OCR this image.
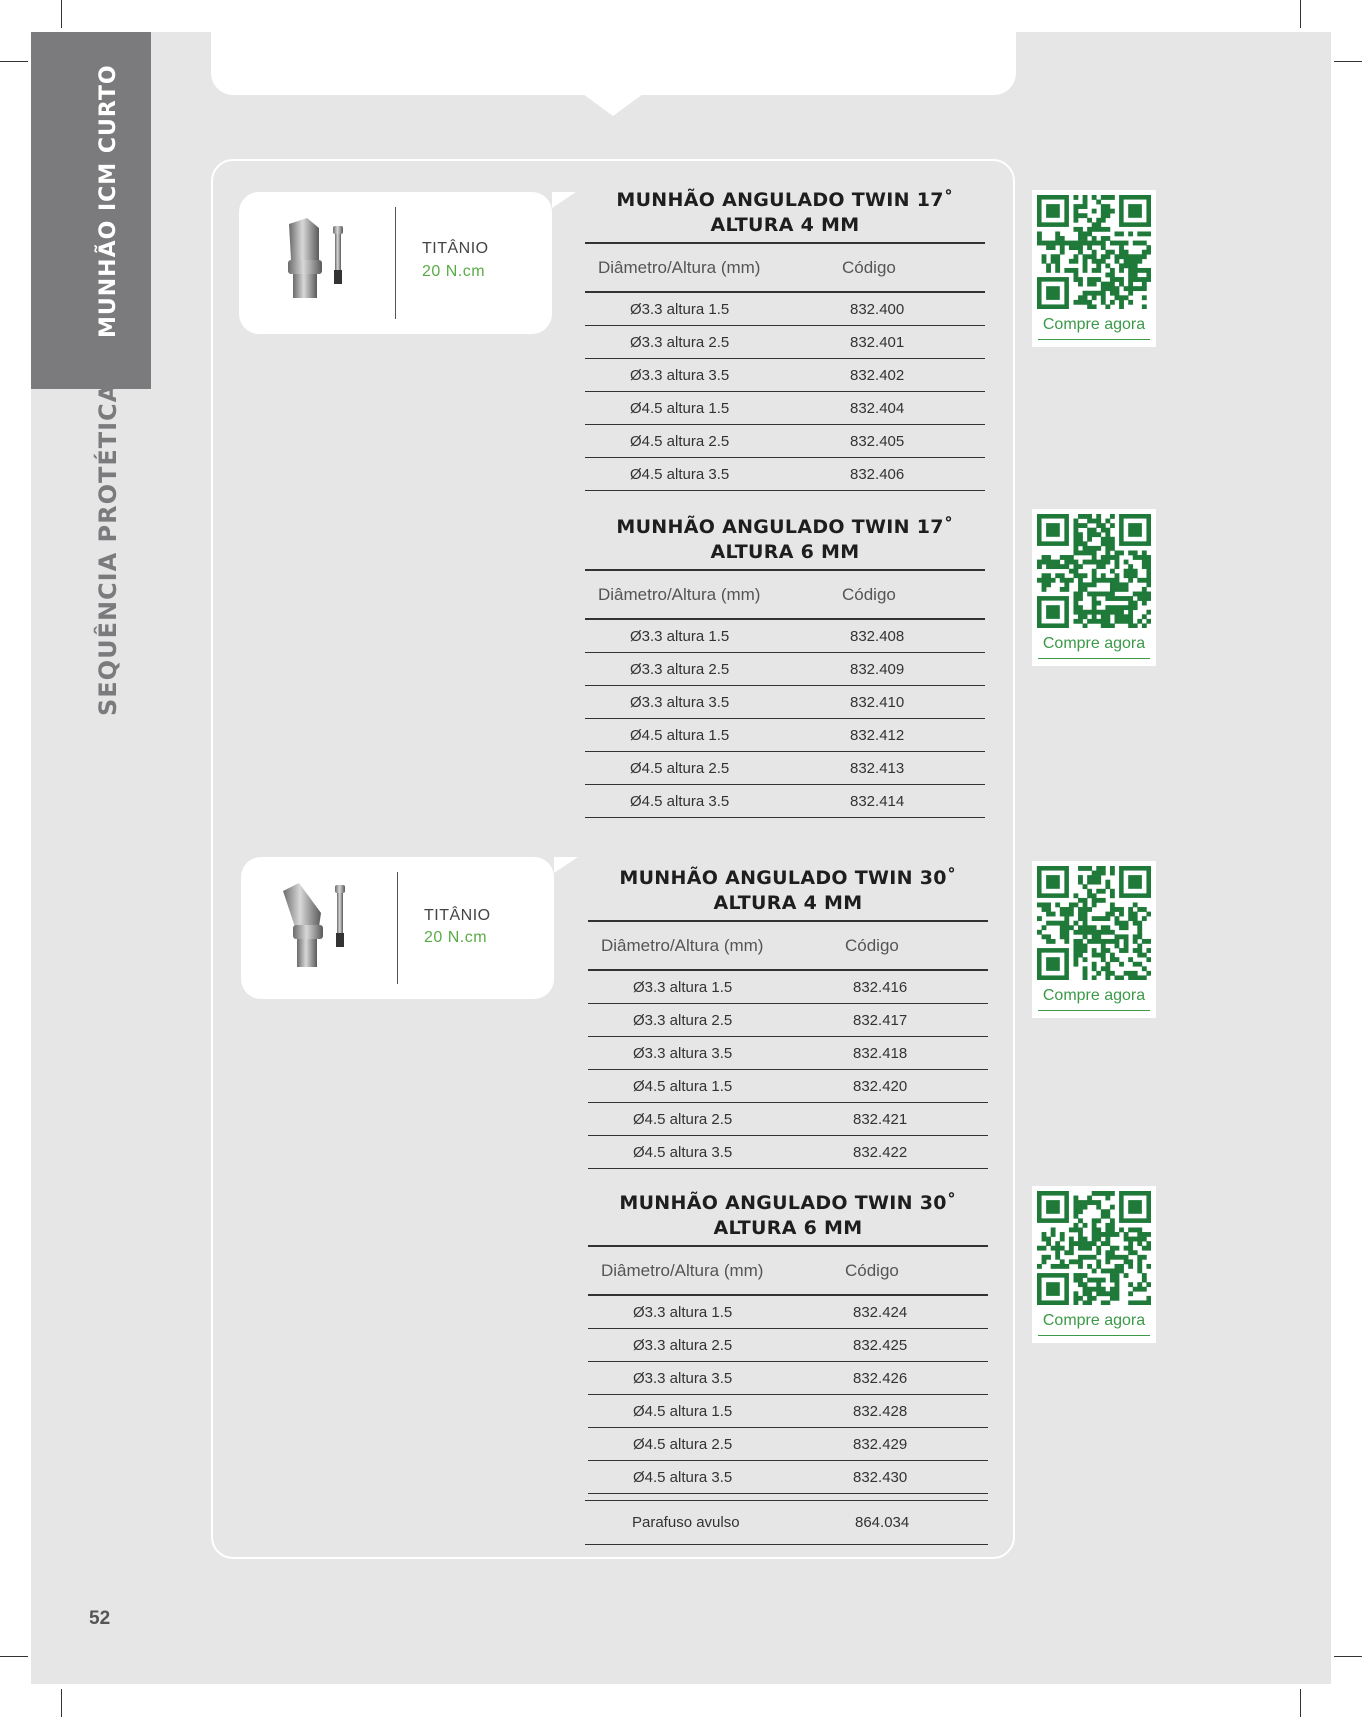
MUNHÃO ICM CURTO
SEQUÊNCIA PROTÉTICA
TITÂNIO
20 N.cm
TITÂNIO
20 N.cm
MUNHÃO ANGULADO TWIN 17˚
ALTURA 4 MM
Diâmetro/Altura (mm)	Código
Ø3.3 altura 1.5	832.400
Ø3.3 altura 2.5	832.401
Ø3.3 altura 3.5	832.402
Ø4.5 altura 1.5	832.404
Ø4.5 altura 2.5	832.405
Ø4.5 altura 3.5	832.406
MUNHÃO ANGULADO TWIN 17˚
ALTURA 6 MM
Diâmetro/Altura (mm)	Código
Ø3.3 altura 1.5	832.408
Ø3.3 altura 2.5	832.409
Ø3.3 altura 3.5	832.410
Ø4.5 altura 1.5	832.412
Ø4.5 altura 2.5	832.413
Ø4.5 altura 3.5	832.414
MUNHÃO ANGULADO TWIN 30˚
ALTURA 4 MM
Diâmetro/Altura (mm)	Código
Ø3.3 altura 1.5	832.416
Ø3.3 altura 2.5	832.417
Ø3.3 altura 3.5	832.418
Ø4.5 altura 1.5	832.420
Ø4.5 altura 2.5	832.421
Ø4.5 altura 3.5	832.422
MUNHÃO ANGULADO TWIN 30˚
ALTURA 6 MM
Diâmetro/Altura (mm)	Código
Ø3.3 altura 1.5	832.424
Ø3.3 altura 2.5	832.425
Ø3.3 altura 3.5	832.426
Ø4.5 altura 1.5	832.428
Ø4.5 altura 2.5	832.429
Ø4.5 altura 3.5	832.430
Parafuso avulso	864.034
Compre agora
Compre agora
Compre agora
Compre agora
52
